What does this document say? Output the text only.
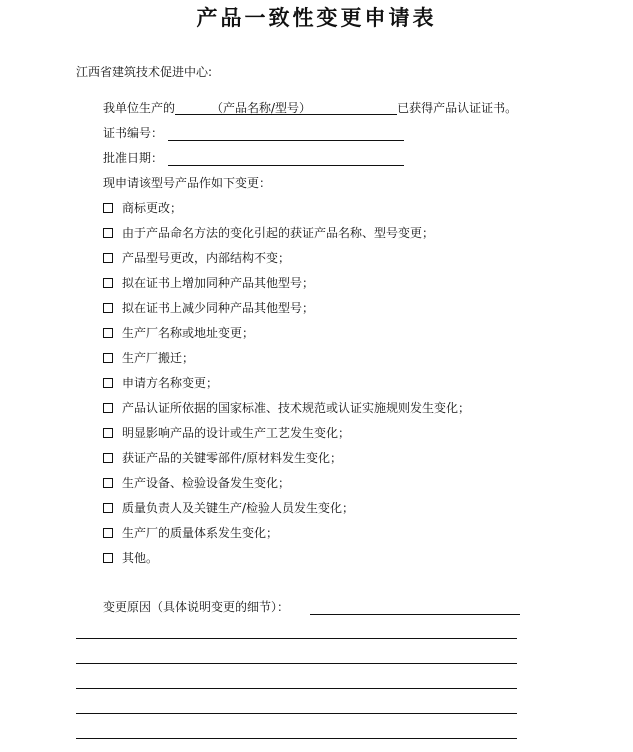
产品一致性变更申请表
江西省建筑技术促进中心:
我单位生产的	（产品名称/型号）	已获得产品认证证书。
证书编号：
批准日期：
现申请该型号产品作如下变更：
商标更改；
由于产品命名方法的变化引起的获证产品名称、型号变更；
产品型号更改，内部结构不变；
拟在证书上增加同种产品其他型号；
拟在证书上减少同种产品其他型号；
生产厂名称或地址变更；
生产厂搬迁；
申请方名称变更；
产品认证所依据的国家标准、技术规范或认证实施规则发生变化；
明显影响产品的设计或生产工艺发生变化；
获证产品的关键零部件/原材料发生变化；
生产设备、检验设备发生变化；
质量负责人及关键生产/检验人员发生变化；
生产厂的质量体系发生变化；
其他。
变更原因（具体说明变更的细节）：
